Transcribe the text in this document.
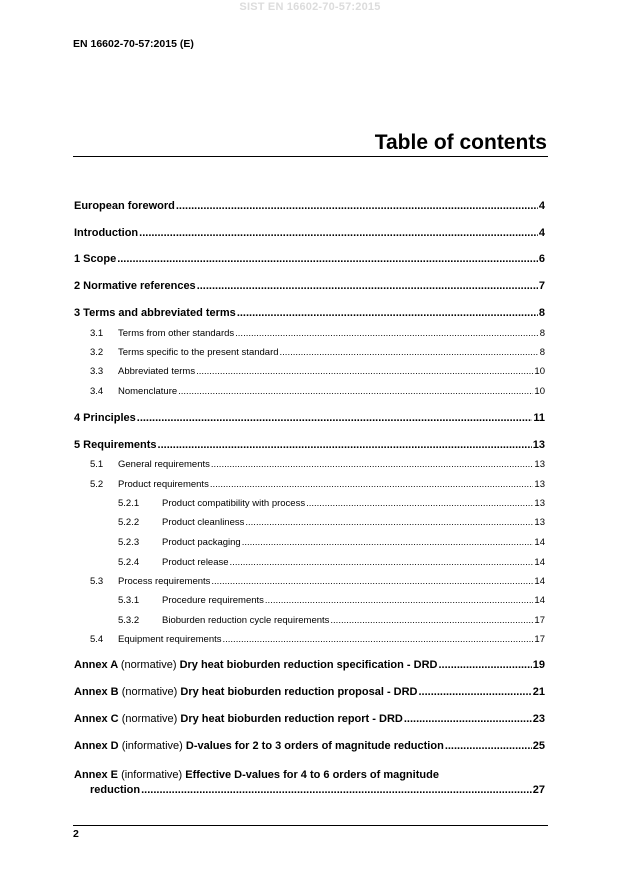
SIST EN 16602-70-57:2015
EN 16602-70-57:2015 (E)
Table of contents
European foreword .....	4
Introduction .....	4
1 Scope .....	6
2 Normative references .....	7
3 Terms and abbreviated terms .....	8
3.1 Terms from other standards .....	8
3.2 Terms specific to the present standard .....	8
3.3 Abbreviated terms .....	10
3.4 Nomenclature .....	10
4 Principles .....	11
5 Requirements .....	13
5.1 General requirements .....	13
5.2 Product requirements .....	13
5.2.1 Product compatibility with process .....	13
5.2.2 Product cleanliness .....	13
5.2.3 Product packaging .....	14
5.2.4 Product release .....	14
5.3 Process requirements .....	14
5.3.1 Procedure requirements .....	14
5.3.2 Bioburden reduction cycle requirements .....	17
5.4 Equipment requirements .....	17
Annex A (normative) Dry heat bioburden reduction specification - DRD .....	19
Annex B (normative) Dry heat bioburden reduction proposal - DRD .....	21
Annex C (normative) Dry heat bioburden reduction report - DRD .....	23
Annex D (informative) D-values for 2 to 3 orders of magnitude reduction .....	25
Annex E (informative) Effective D-values for 4 to 6 orders of magnitude
reduction .....	27
2
